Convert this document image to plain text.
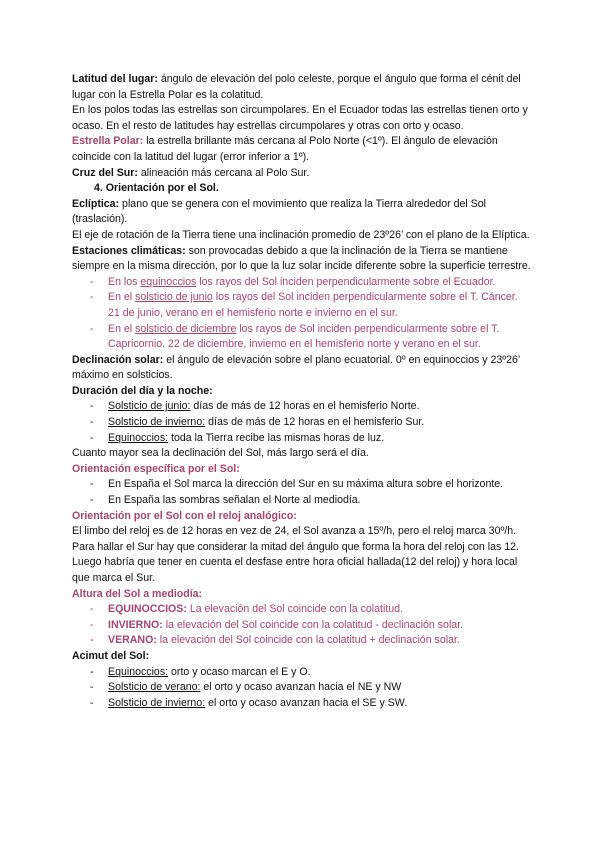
Latitud del lugar: ángulo de elevación del polo celeste, porque el ángulo que forma el cénit del lugar con la Estrella Polar es la colatitud.

En los polos todas las estrellas son circumpolares. En el Ecuador todas las estrellas tienen orto y ocaso. En el resto de latitudes hay estrellas circumpolares y otras con orto y ocaso.

Estrella Polar: la estrella brillante más cercana al Polo Norte (<1º). El ángulo de elevación coincide con la latitud del lugar (error inferior a 1º).

Cruz del Sur: alineación más cercana al Polo Sur.

4. Orientación por el Sol.

Eclíptica: plano que se genera con el movimiento que realiza la Tierra alrededor del Sol (traslación).

El eje de rotación de la Tierra tiene una inclinación promedio de 23º26’ con el plano de la Elíptica.

Estaciones climáticas: son provocadas debido a que la inclinación de la Tierra se mantiene siempre en la misma dirección, por lo que la luz solar incide diferente sobre la superficie terrestre.

- En los equinoccios los rayos del Sol inciden perpendicularmente sobre el Ecuador.
- En el solsticio de junio los rayos del Sol inciden perpendicularmente sobre el T. Cáncer. 21 de junio, verano en el hemisferio norte e invierno en el sur.
- En el solsticio de diciembre los rayos de Sol inciden perpendicularmente sobre el T. Capricornio. 22 de diciembre, invierno en el hemisferio norte y verano en el sur.

Declinación solar: el ángulo de elevación sobre el plano ecuatorial. 0º en equinoccios y 23º26’ máximo en solsticios.

Duración del día y la noche:

- Solsticio de junio: días de más de 12 horas en el hemisferio Norte.
- Solsticio de invierno: días de más de 12 horas en el hemisferio Sur.
- Equinoccios: toda la Tierra recibe las mismas horas de luz.

Cuanto mayor sea la declinación del Sol, más largo será el día.

Orientación específica por el Sol:

- En España el Sol marca la dirección del Sur en su máxima altura sobre el horizonte.
- En España las sombras señalan el Norte al mediodía.

Orientación por el Sol con el reloj analógico:

El limbo del reloj es de 12 horas en vez de 24, el Sol avanza a 15º/h, pero el reloj marca 30º/h.

Para hallar el Sur hay que considerar la mitad del ángulo que forma la hora del reloj con las 12.

Luego habría que tener en cuenta el desfase entre hora oficial hallada(12 del reloj) y hora local que marca el Sur.

Altura del Sol a mediodía:

- EQUINOCCIOS: La elevación del Sol coincide con la colatitud.
- INVIERNO: la elevación del Sol coincide con la colatitud - declinación solar.
- VERANO: la elevación del Sol coincide con la colatitud + declinación solar.

Acimut del Sol:

- Equinoccios: orto y ocaso marcan el E y O.
- Solsticio de verano: el orto y ocaso avanzan hacia el NE y NW
- Solsticio de invierno: el orto y ocaso avanzan hacia el SE y SW.
